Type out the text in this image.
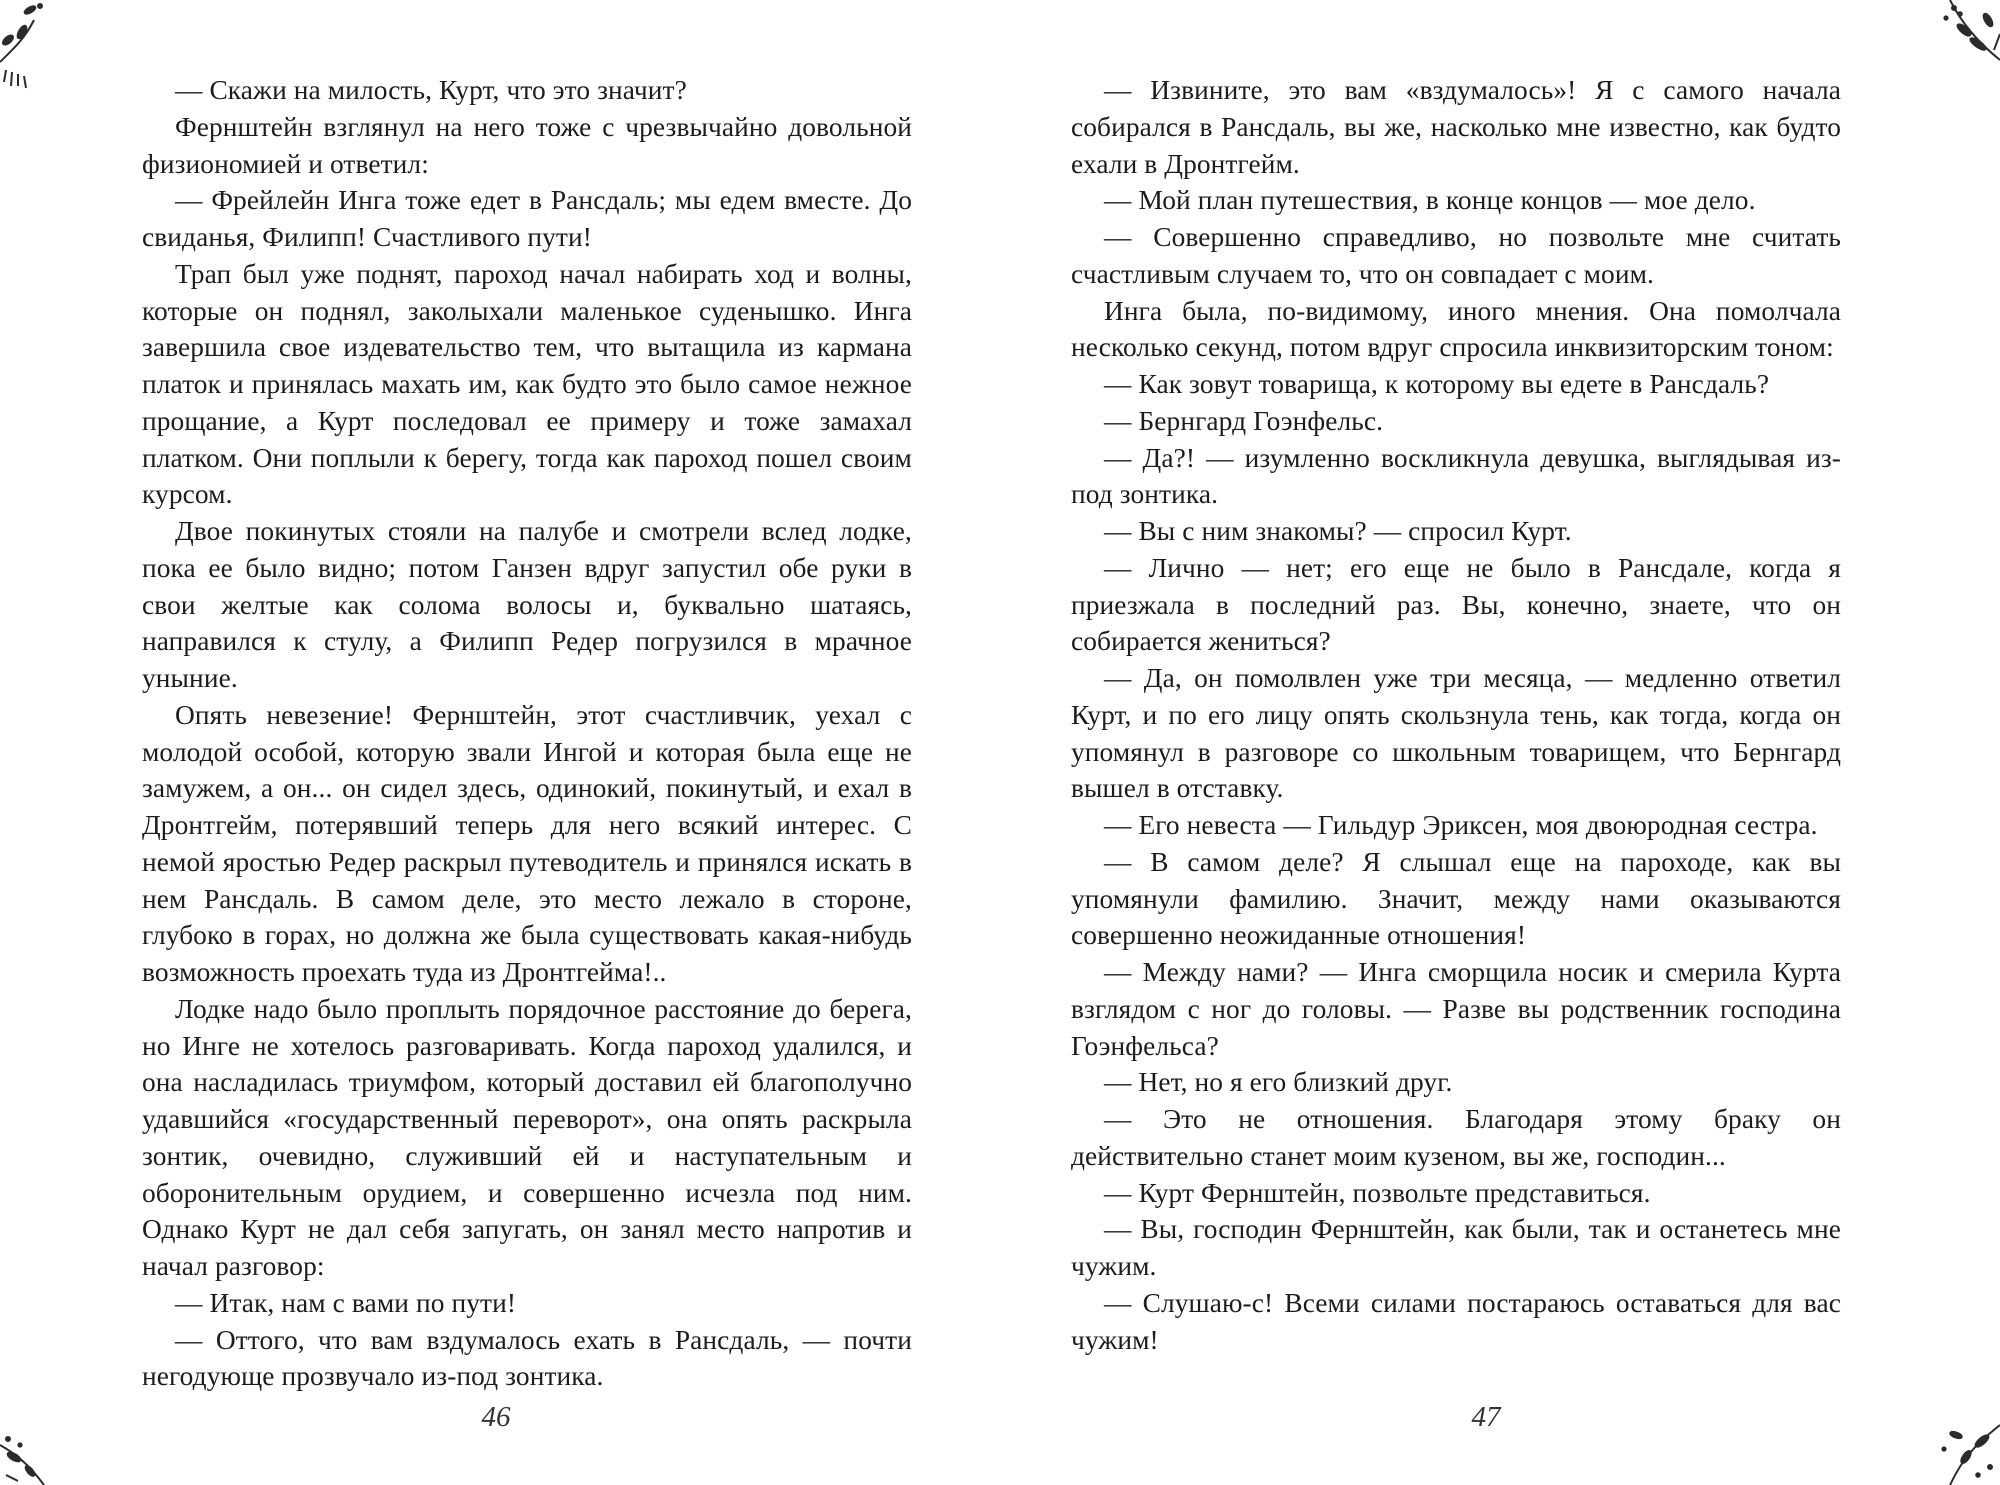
— Скажи на милость, Курт, что это значит?

Фернштейн взглянул на него тоже с чрезвычайно довольной физиономией и ответил:

— Фрейлейн Инга тоже едет в Рансдаль; мы едем вместе. До свиданья, Филипп! Счастливого пути!

Трап был уже поднят, пароход начал набирать ход и волны, которые он поднял, заколыхали маленькое суденышко. Инга завершила свое издевательство тем, что вытащила из кармана платок и принялась махать им, как будто это было самое нежное прощание, а Курт последовал ее примеру и тоже замахал платком. Они поплыли к берегу, тогда как пароход пошел своим курсом.

Двое покинутых стояли на палубе и смотрели вслед лодке, пока ее было видно; потом Ганзен вдруг запустил обе руки в свои желтые как солома волосы и, буквально шатаясь, направился к стулу, а Филипп Редер погрузился в мрачное уныние.

Опять невезение! Фернштейн, этот счастливчик, уехал с молодой особой, которую звали Ингой и которая была еще не замужем, а он... он сидел здесь, одинокий, покинутый, и ехал в Дронтгейм, потерявший теперь для него всякий интерес. С немой яростью Редер раскрыл путеводитель и принялся искать в нем Рансдаль. В самом деле, это место лежало в стороне, глубоко в горах, но должна же была существовать какая-нибудь возможность проехать туда из Дронтгейма!..

Лодке надо было проплыть порядочное расстояние до берега, но Инге не хотелось разговаривать. Когда пароход удалился, и она насладилась триумфом, который доставил ей благополучно удавшийся «государственный переворот», она опять раскрыла зонтик, очевидно, служивший ей и наступательным и оборонительным орудием, и совершенно исчезла под ним. Однако Курт не дал себя запугать, он занял место напротив и начал разговор:

— Итак, нам с вами по пути!

— Оттого, что вам вздумалось ехать в Рансдаль, — почти негодующе прозвучало из-под зонтика.

— Извините, это вам «вздумалось»! Я с самого начала собирался в Рансдаль, вы же, насколько мне известно, как будто ехали в Дронтгейм.

— Мой план путешествия, в конце концов — мое дело.

— Совершенно справедливо, но позвольте мне считать счастливым случаем то, что он совпадает с моим.

Инга была, по-видимому, иного мнения. Она помолчала несколько секунд, потом вдруг спросила инквизиторским тоном:

— Как зовут товарища, к которому вы едете в Рансдаль?

— Бернгард Гоэнфельс.

— Да?! — изумленно воскликнула девушка, выглядывая из-под зонтика.

— Вы с ним знакомы? — спросил Курт.

— Лично — нет; его еще не было в Рансдале, когда я приезжала в последний раз. Вы, конечно, знаете, что он собирается жениться?

— Да, он помолвлен уже три месяца, — медленно ответил Курт, и по его лицу опять скользнула тень, как тогда, когда он упомянул в разговоре со школьным товарищем, что Бернгард вышел в отставку.

— Его невеста — Гильдур Эриксен, моя двоюродная сестра.

— В самом деле? Я слышал еще на пароходе, как вы упомянули фамилию. Значит, между нами оказываются совершенно неожиданные отношения!

— Между нами? — Инга сморщила носик и смерила Курта взглядом с ног до головы. — Разве вы родственник господина Гоэнфельса?

— Нет, но я его близкий друг.

— Это не отношения. Благодаря этому браку он действительно станет моим кузеном, вы же, господин...

— Курт Фернштейн, позвольте представиться.

— Вы, господин Фернштейн, как были, так и останетесь мне чужим.

— Слушаю-с! Всеми силами постараюсь оставаться для вас чужим!

46	47
